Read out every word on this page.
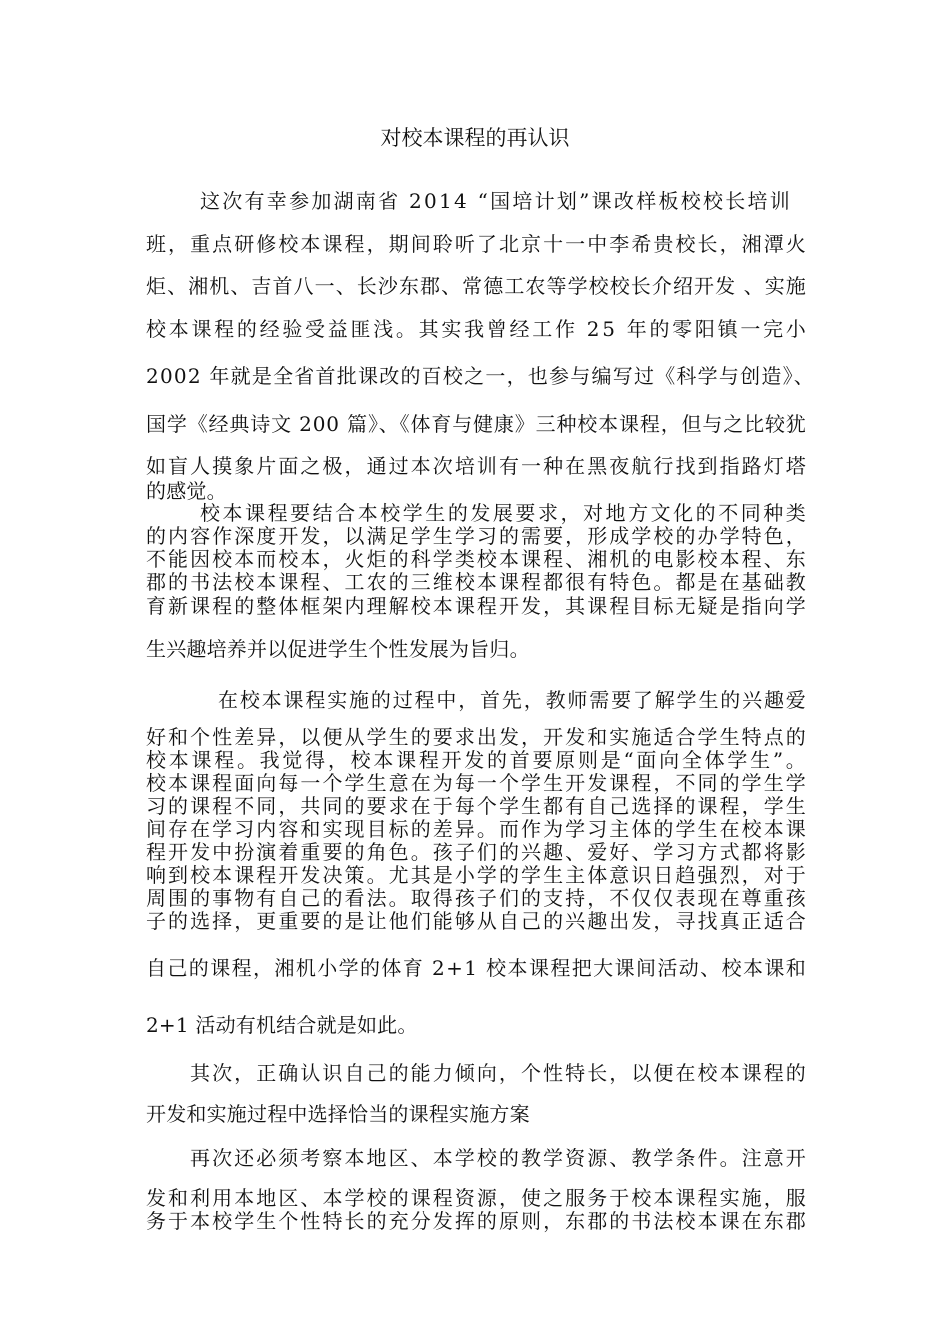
对校本课程的再认识
这次有幸参加湖南省 2014 “国培计划”课改样板校校长培训
班，重点研修校本课程，期间聆听了北京十一中李希贵校长，湘潭火
炬、湘机、吉首八一、长沙东郡、常德工农等学校校长介绍开发 、实施
校本课程的经验受益匪浅。其实我曾经工作 25 年的零阳镇一完小
2002 年就是全省首批课改的百校之一，也参与编写过《科学与创造》、
国学《经典诗文 200 篇》、《体育与健康》三种校本课程，但与之比较犹
如盲人摸象片面之极，通过本次培训有一种在黑夜航行找到指路灯塔
的感觉。
校本课程要结合本校学生的发展要求，对地方文化的不同种类
的内容作深度开发，以满足学生学习的需要，形成学校的办学特色，
不能因校本而校本，火炬的科学类校本课程、湘机的电影校本程、东
郡的书法校本课程、工农的三维校本课程都很有特色。都是在基础教
育新课程的整体框架内理解校本课程开发，其课程目标无疑是指向学
生兴趣培养并以促进学生个性发展为旨归。
在校本课程实施的过程中，首先，教师需要了解学生的兴趣爱
好和个性差异，以便从学生的要求出发，开发和实施适合学生特点的
校本课程。我觉得，校本课程开发的首要原则是“面向全体学生”。
校本课程面向每一个学生意在为每一个学生开发课程，不同的学生学
习的课程不同，共同的要求在于每个学生都有自己选择的课程，学生
间存在学习内容和实现目标的差异。而作为学习主体的学生在校本课
程开发中扮演着重要的角色。孩子们的兴趣、爱好、学习方式都将影
响到校本课程开发决策。尤其是小学的学生主体意识日趋强烈，对于
周围的事物有自己的看法。取得孩子们的支持，不仅仅表现在尊重孩
子的选择，更重要的是让他们能够从自己的兴趣出发，寻找真正适合
自己的课程，湘机小学的体育 2+1 校本课程把大课间活动、校本课和
2+1 活动有机结合就是如此。
其次，正确认识自己的能力倾向，个性特长，以便在校本课程的
开发和实施过程中选择恰当的课程实施方案
再次还必须考察本地区、本学校的教学资源、教学条件。注意开
发和利用本地区、本学校的课程资源，使之服务于校本课程实施，服
务于本校学生个性特长的充分发挥的原则，东郡的书法校本课在东郡
